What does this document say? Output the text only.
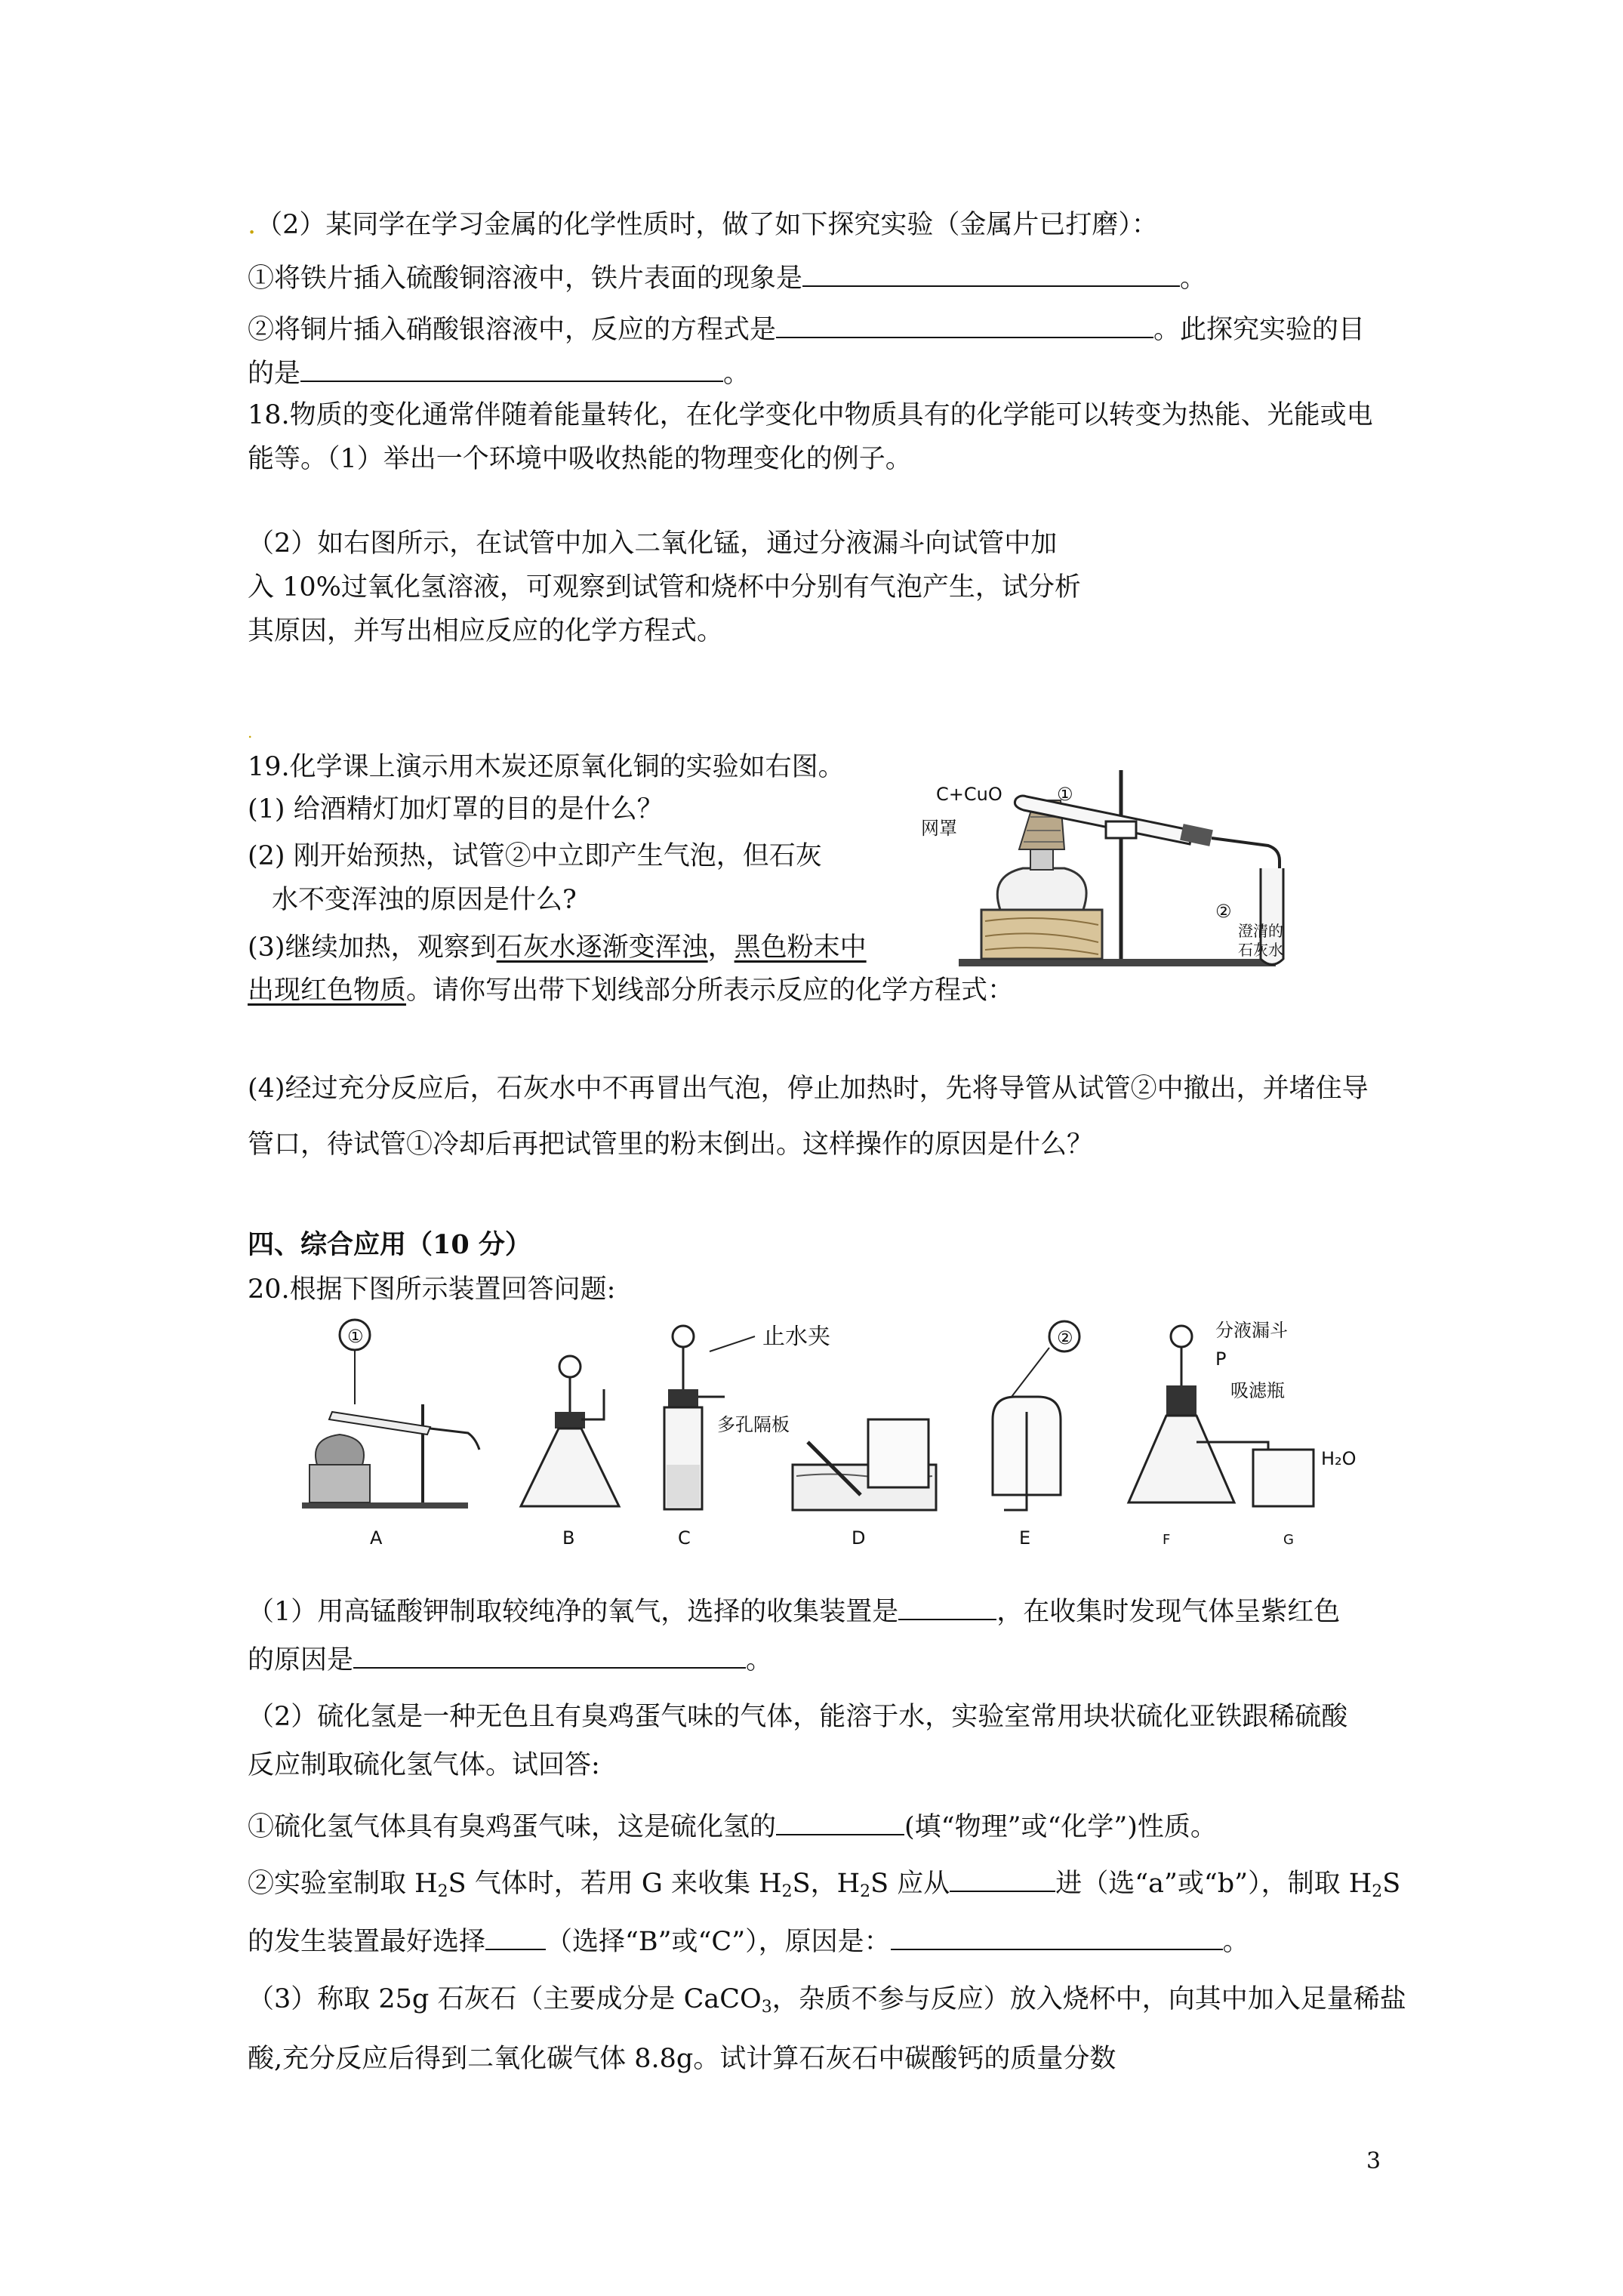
.（2）某同学在学习金属的化学性质时，做了如下探究实验（金属片已打磨）：
①将铁片插入硫酸铜溶液中，铁片表面的现象是	。
②将铜片插入硝酸银溶液中，反应的方程式是	。此探究实验的目
的是	。
18.物质的变化通常伴随着能量转化，在化学变化中物质具有的化学能可以转变为热能、光能或电
能等。（1）举出一个环境中吸收热能的物理变化的例子。
（2）如右图所示，在试管中加入二氧化锰，通过分液漏斗向试管中加
入 10%过氧化氢溶液，可观察到试管和烧杯中分别有气泡产生，试分析
其原因，并写出相应反应的化学方程式。
.
19.化学课上演示用木炭还原氧化铜的实验如右图。
(1) 给酒精灯加灯罩的目的是什么？
(2) 刚开始预热，试管②中立即产生气泡，但石灰
水不变浑浊的原因是什么?
(3)继续加热，观察到石灰水逐渐变浑浊，黑色粉末中
出现红色物质。请你写出带下划线部分所表示反应的化学方程式：
(4)经过充分反应后，石灰水中不再冒出气泡，停止加热时，先将导管从试管②中撤出，并堵住导
管口，待试管①冷却后再把试管里的粉末倒出。这样操作的原因是什么？
C+CuO	①
网罩
②
澄清的
石灰水
四、综合应用（10 分）
20.根据下图所示装置回答问题:
①
A	B
止水夹
多孔隔板
C	D
②
E
分液漏斗
P
吸滤瓶
H₂O
F	G
（1）用高锰酸钾制取较纯净的氧气，选择的收集装置是	，在收集时发现气体呈紫红色
的原因是	。
（2）硫化氢是一种无色且有臭鸡蛋气味的气体，能溶于水，实验室常用块状硫化亚铁跟稀硫酸
反应制取硫化氢气体。试回答:
①硫化氢气体具有臭鸡蛋气味，这是硫化氢的	(填“物理”或“化学”)性质。
②实验室制取 $H_2S$ 气体时，若用 G 来收集 $H_2S$，$H_2S$ 应从	进（选“a”或“b”），制取 $H_2S$
的发生装置最好选择 （选择“B”或“C”），原因是：	。
（3）称取 25g 石灰石（主要成分是 CaCO$_3$，杂质不参与反应）放入烧杯中，向其中加入足量稀盐
酸,充分反应后得到二氧化碳气体 8.8g。试计算石灰石中碳酸钙的质量分数
3
